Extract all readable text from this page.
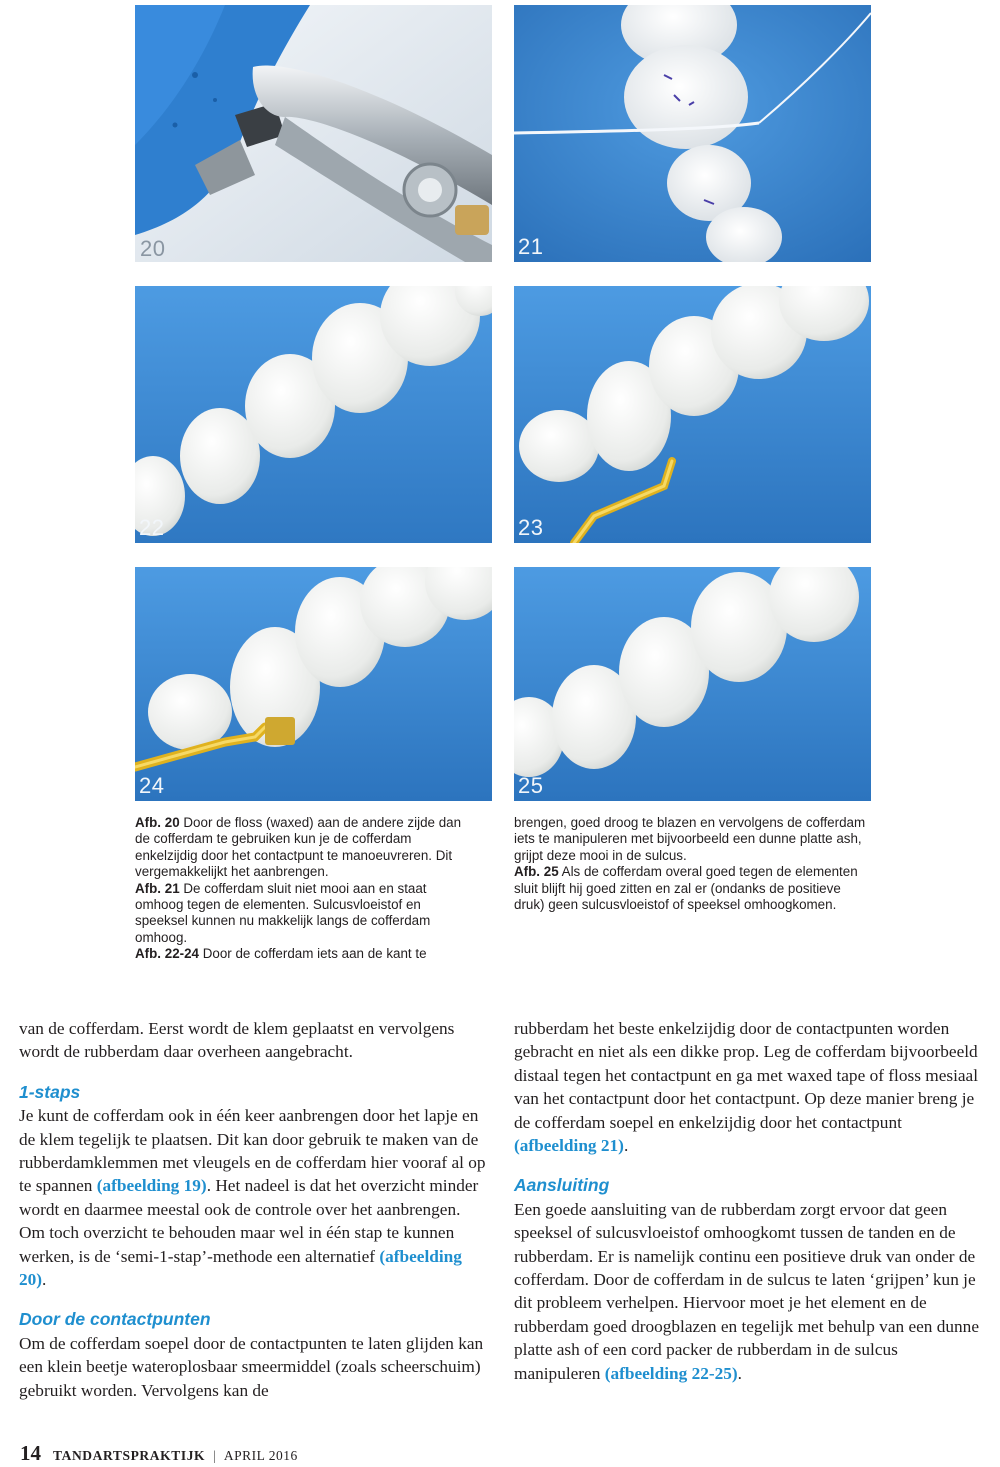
20	21
22	23
24	25

Afb. 20 Door de floss (waxed) aan de andere zijde dan de cofferdam te gebruiken kun je de cofferdam enkelzijdig door het contactpunt te manoeuvreren. Dit vergemakkelijkt het aanbrengen.

Afb. 21 De cofferdam sluit niet mooi aan en staat omhoog tegen de elementen. Sulcusvloeistof en speeksel kunnen nu makkelijk langs de cofferdam omhoog.

Afb. 22-24 Door de cofferdam iets aan de kant te

brengen, goed droog te blazen en vervolgens de cofferdam iets te manipuleren met bijvoorbeeld een dunne platte ash, grijpt deze mooi in de sulcus.

Afb. 25 Als de cofferdam overal goed tegen de elementen sluit blijft hij goed zitten en zal er (ondanks de positieve druk) geen sulcusvloeistof of speeksel omhoogkomen.

van de cofferdam. Eerst wordt de klem geplaatst en vervolgens wordt de rubberdam daar overheen aangebracht.

1-staps

Je kunt de cofferdam ook in één keer aanbrengen door het lapje en de klem tegelijk te plaatsen. Dit kan door gebruik te maken van de rubberdamklemmen met vleugels en de cofferdam hier vooraf al op te spannen (afbeelding 19). Het nadeel is dat het overzicht minder wordt en daarmee meestal ook de controle over het aanbrengen. Om toch overzicht te behouden maar wel in één stap te kunnen werken, is de ‘semi-1-stap’-methode een alternatief (afbeelding 20).

Door de contactpunten

Om de cofferdam soepel door de contactpunten te laten glijden kan een klein beetje wateroplosbaar smeermiddel (zoals scheerschuim) gebruikt worden. Vervolgens kan de

rubberdam het beste enkelzijdig door de contactpunten worden gebracht en niet als een dikke prop. Leg de cofferdam bijvoorbeeld distaal tegen het contactpunt en ga met waxed tape of floss mesiaal van het contactpunt door het contactpunt. Op deze manier breng je de cofferdam soepel en enkelzijdig door het contactpunt (afbeelding 21).

Aansluiting

Een goede aansluiting van de rubberdam zorgt ervoor dat geen speeksel of sulcusvloeistof omhoogkomt tussen de tanden en de rubberdam. Er is namelijk continu een positieve druk van onder de cofferdam. Door de cofferdam in de sulcus te laten ‘grijpen’ kun je dit probleem verhelpen. Hiervoor moet je het element en de rubberdam goed droogblazen en tegelijk met behulp van een dunne platte ash of een cord packer de rubberdam in de sulcus manipuleren (afbeelding 22-25).

14 TANDARTSPRAKTIJK | APRIL 2016
